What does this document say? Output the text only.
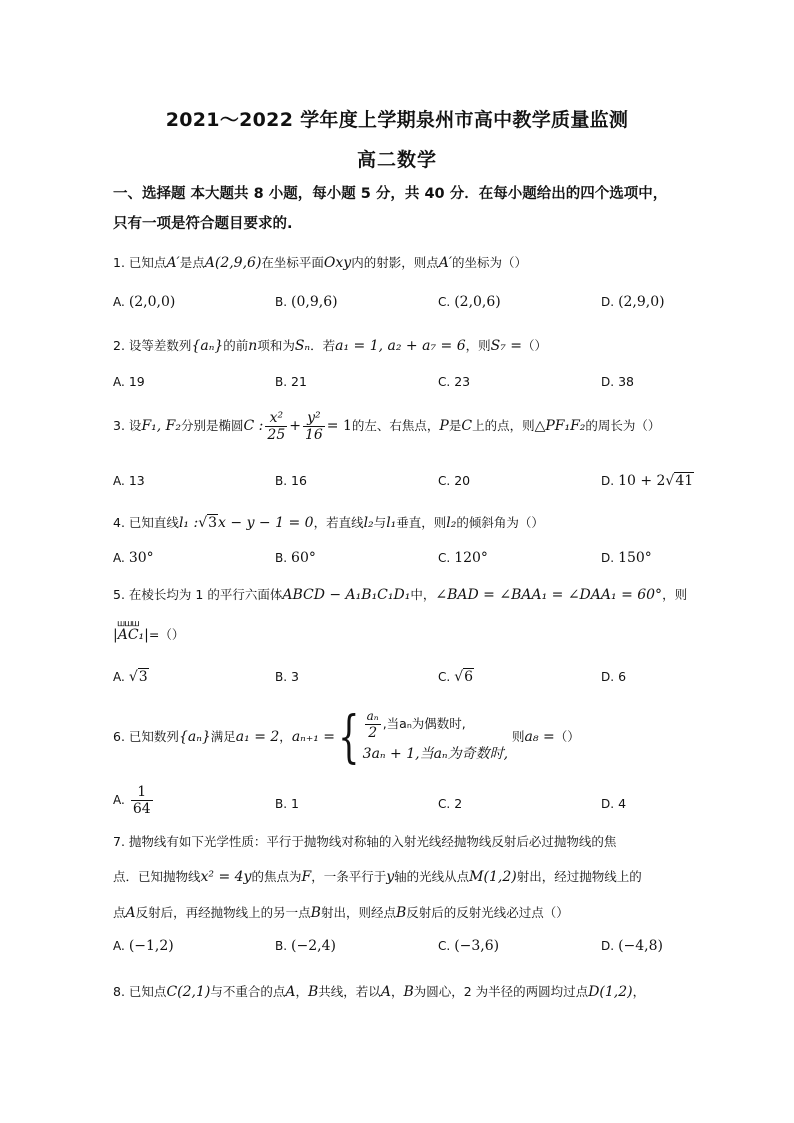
2021～2022 学年度上学期泉州市高中教学质量监测
高二数学
一、选择题 本大题共 8 小题，每小题 5 分，共 40 分．在每小题给出的四个选项中，
只有一项是符合题目要求的.
1. 已知点A′是点A(2,9,6)在坐标平面Oxy内的射影，则点A′的坐标为（）
A. (2,0,0)	B. (0,9,6)	C. (2,0,6)	D. (2,9,0)
2. 设等差数列{aₙ}的前n项和为Sₙ．若a₁ = 1, a₂ + a₇ = 6，则S₇ =（）
A. 19	B. 21	C. 23	D. 38
3. 设F₁, F₂分别是椭圆C : $\frac{\text{x²}}{25} + \frac{\text{y²}}{16} = 1$的左、右焦点，P是C上的点，则△PF₁F₂的周长为（）
A. 13	B. 16	C. 20	D. 10 + 2√41
4. 已知直线l₁ :√3x − y − 1 = 0，若直线l₂与l₁垂直，则l₂的倾斜角为（）
A. 30°	B. 60°	C. 120°	D. 150°
5. 在棱长均为 1 的平行六面体ABCD − A₁B₁C₁D₁中，∠BAD = ∠BAA₁ = ∠DAA₁ = 60°，则
ꟺꟺꟺ
|AC₁|=（）
A. √3	B. 3	C. √6	D. 6
6. 已知数列{aₙ}满足a₁ = 2，aₙ₊₁ ={ $\frac{\text{aₙ}}{2}$ ,当aₙ为偶数时,
3aₙ + 1,当aₙ为奇数时,
则a₈ =（）
A. $\frac{1}{64}$	B. 1	C. 2	D. 4
7. 抛物线有如下光学性质：平行于抛物线对称轴的入射光线经抛物线反射后必过抛物线的焦
点．已知抛物线x² = 4y的焦点为F，一条平行于y轴的光线从点M(1,2)射出，经过抛物线上的
点A反射后，再经抛物线上的另一点B射出，则经点B反射后的反射光线必过点（）
A. (−1,2)	B. (−2,4)	C. (−3,6)	D. (−4,8)
8. 已知点C(2,1)与不重合的点A，B共线，若以A，B为圆心，2 为半径的两圆均过点D(1,2)，
